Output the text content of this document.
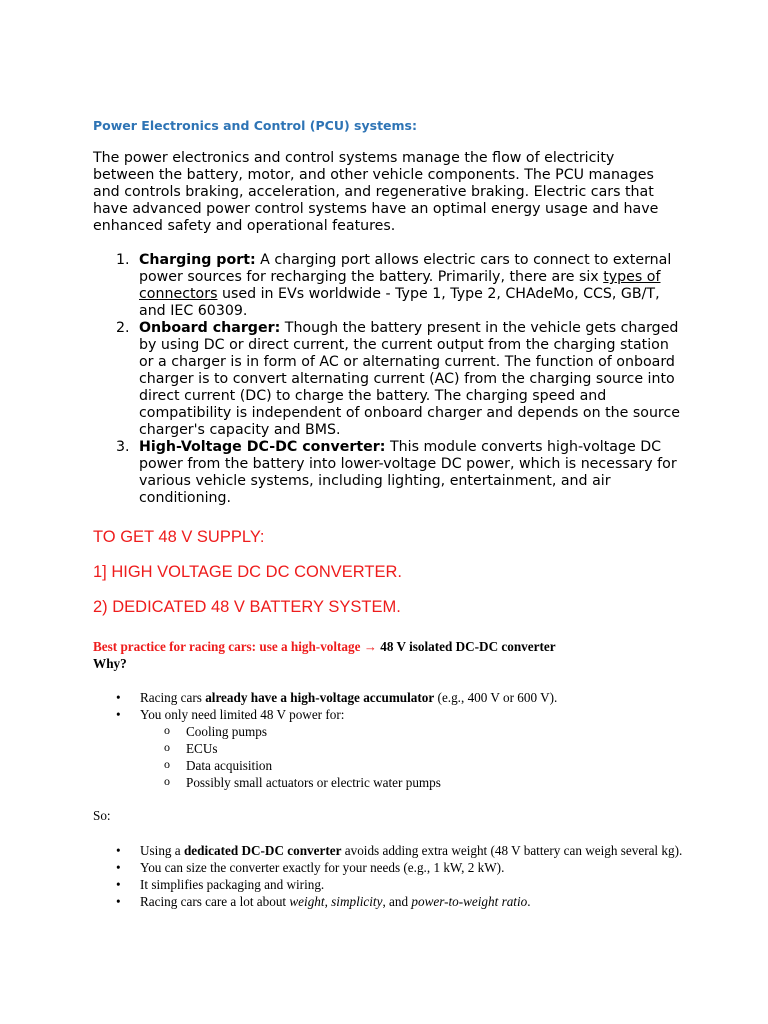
Power Electronics and Control (PCU) systems:

The power electronics and control systems manage the flow of electricity between the battery, motor, and other vehicle components. The PCU manages and controls braking, acceleration, and regenerative braking. Electric cars that have advanced power control systems have an optimal energy usage and have enhanced safety and operational features.

1. Charging port: A charging port allows electric cars to connect to external power sources for recharging the battery. Primarily, there are six types of connectors used in EVs worldwide - Type 1, Type 2, CHAdeMo, CCS, GB/T, and IEC 60309.
2. Onboard charger: Though the battery present in the vehicle gets charged by using DC or direct current, the current output from the charging station or a charger is in form of AC or alternating current. The function of onboard charger is to convert alternating current (AC) from the charging source into direct current (DC) to charge the battery. The charging speed and compatibility is independent of onboard charger and depends on the source charger's capacity and BMS.
3. High-Voltage DC-DC converter: This module converts high-voltage DC power from the battery into lower-voltage DC power, which is necessary for various vehicle systems, including lighting, entertainment, and air conditioning.

TO GET 48 V SUPPLY:

1] HIGH VOLTAGE DC DC CONVERTER.

2) DEDICATED 48 V BATTERY SYSTEM.

Best practice for racing cars: use a high-voltage → 48 V isolated DC-DC converter
Why?

• Racing cars already have a high-voltage accumulator (e.g., 400 V or 600 V).
• You only need limited 48 V power for:
o Cooling pumps
o ECUs
o Data acquisition
o Possibly small actuators or electric water pumps

So:

• Using a dedicated DC-DC converter avoids adding extra weight (48 V battery can weigh several kg).
• You can size the converter exactly for your needs (e.g., 1 kW, 2 kW).
• It simplifies packaging and wiring.
• Racing cars care a lot about weight, simplicity, and power-to-weight ratio.
